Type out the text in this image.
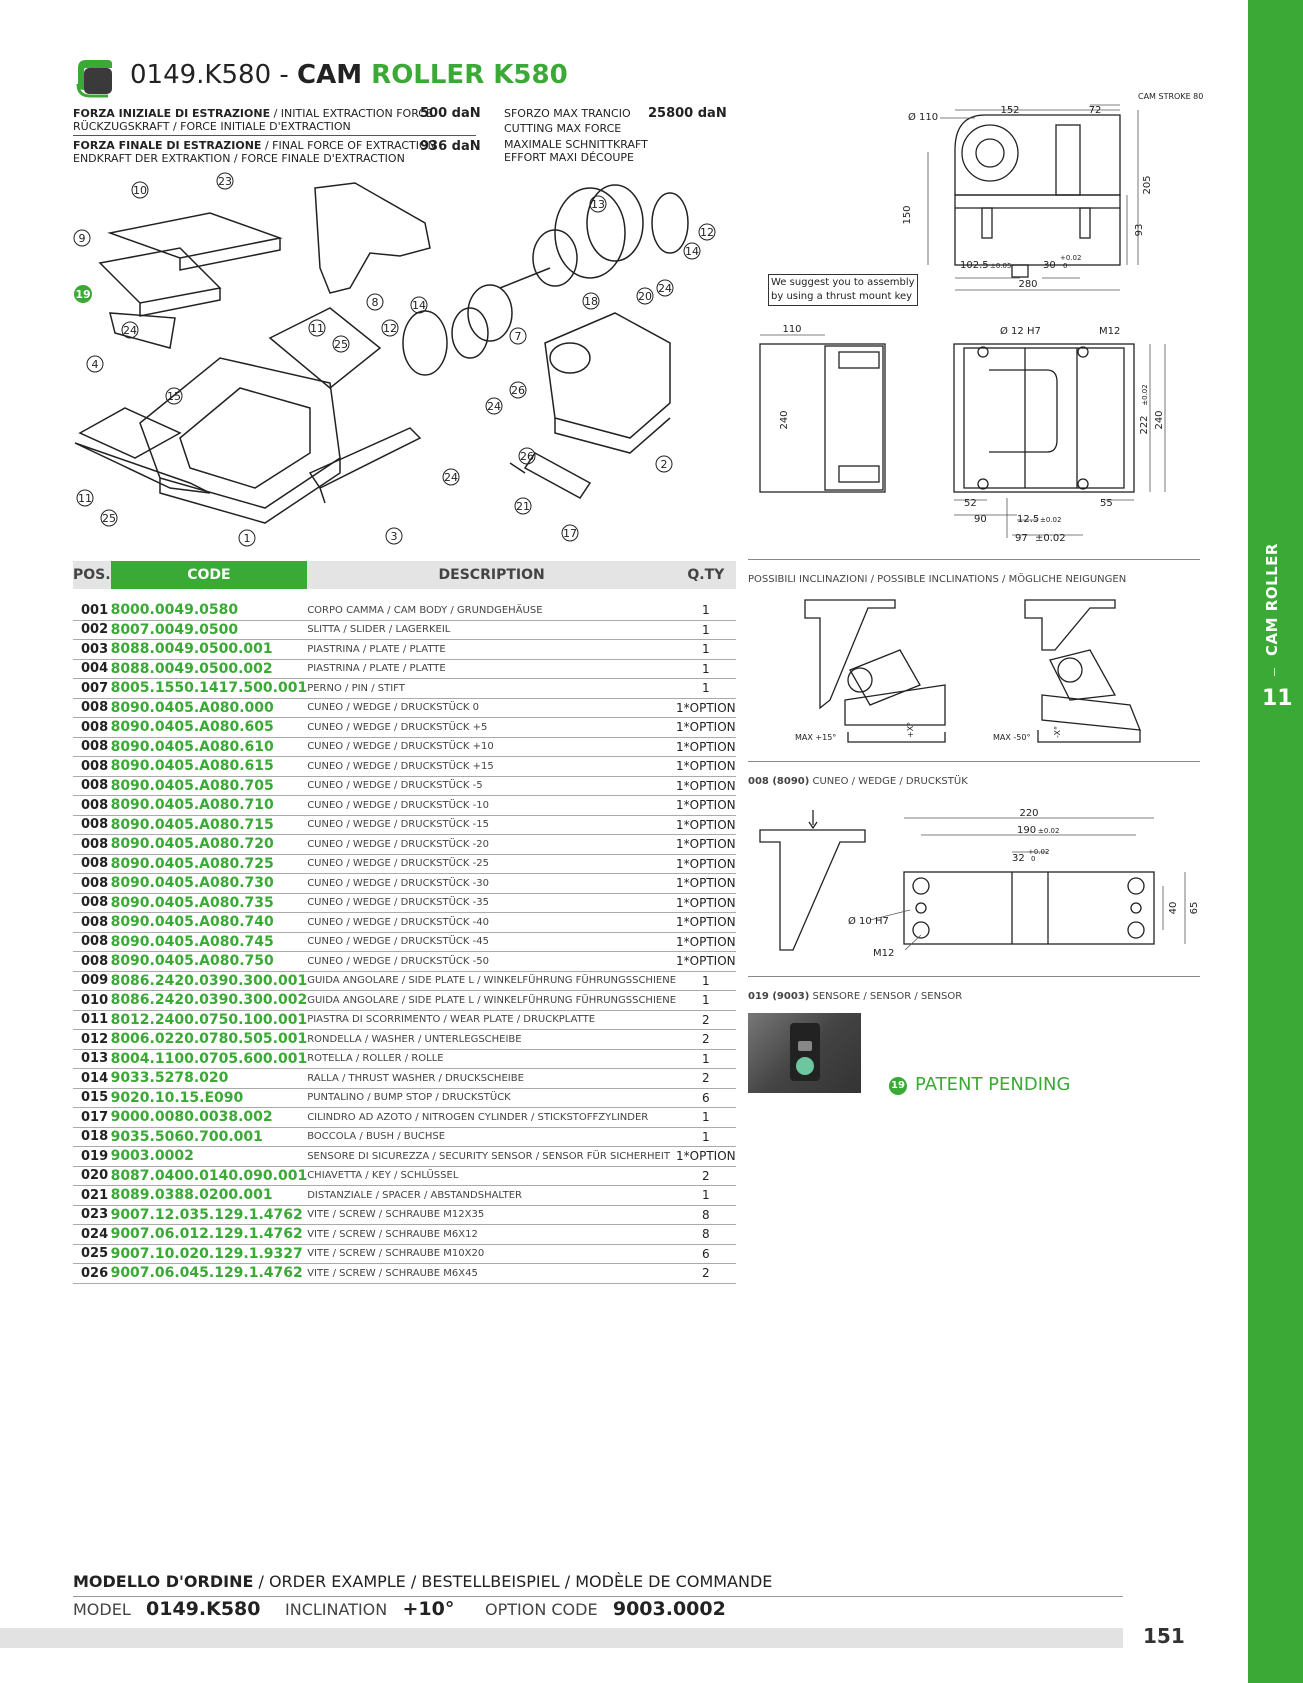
11
0149.K580 - CAM ROLLER K580
FORZA INIZIALE DI ESTRAZIONE / INITIAL EXTRACTION FORCE
RÜCKZUGSKRAFT / FORCE INITIALE D'EXTRACTION
500 daN
FORZA FINALE DI ESTRAZIONE / FINAL FORCE OF EXTRACTION
ENDKRAFT DER EXTRAKTION / FORCE FINALE D'EXTRACTION
936 daN
SFORZO MAX TRANCIO
CUTTING MAX FORCE
MAXIMALE SCHNITTKRAFT
EFFORT MAXI DÉCOUPE
25800 daN
10
23
9
19
8
13
12
14
18
7
14
12
20
24
24	11
25
4
15	26
24
2
11
25
1	3
24
26
21
17
POS.	CODE	DESCRIPTION	Q.TY

001	8000.0049.0580	CORPO CAMMA / CAM BODY / GRUNDGEHÄUSE	1
002	8007.0049.0500	SLITTA / SLIDER / LAGERKEIL	1
003	8088.0049.0500.001	PIASTRINA / PLATE / PLATTE	1
004	8088.0049.0500.002	PIASTRINA / PLATE / PLATTE	1
007	8005.1550.1417.500.001	PERNO / PIN / STIFT	1
008	8090.0405.A080.000	CUNEO / WEDGE / DRUCKSTÜCK 0	1*OPTION
008	8090.0405.A080.605	CUNEO / WEDGE / DRUCKSTÜCK +5	1*OPTION
008	8090.0405.A080.610	CUNEO / WEDGE / DRUCKSTÜCK +10	1*OPTION
008	8090.0405.A080.615	CUNEO / WEDGE / DRUCKSTÜCK +15	1*OPTION
008	8090.0405.A080.705	CUNEO / WEDGE / DRUCKSTÜCK -5	1*OPTION
008	8090.0405.A080.710	CUNEO / WEDGE / DRUCKSTÜCK -10	1*OPTION
008	8090.0405.A080.715	CUNEO / WEDGE / DRUCKSTÜCK -15	1*OPTION
008	8090.0405.A080.720	CUNEO / WEDGE / DRUCKSTÜCK -20	1*OPTION
008	8090.0405.A080.725	CUNEO / WEDGE / DRUCKSTÜCK -25	1*OPTION
008	8090.0405.A080.730	CUNEO / WEDGE / DRUCKSTÜCK -30	1*OPTION
008	8090.0405.A080.735	CUNEO / WEDGE / DRUCKSTÜCK -35	1*OPTION
008	8090.0405.A080.740	CUNEO / WEDGE / DRUCKSTÜCK -40	1*OPTION
008	8090.0405.A080.745	CUNEO / WEDGE / DRUCKSTÜCK -45	1*OPTION
008	8090.0405.A080.750	CUNEO / WEDGE / DRUCKSTÜCK -50	1*OPTION
009	8086.2420.0390.300.001	GUIDA ANGOLARE / SIDE PLATE L / WINKELFÜHRUNG FÜHRUNGSSCHIENE	1
010	8086.2420.0390.300.002	GUIDA ANGOLARE / SIDE PLATE L / WINKELFÜHRUNG FÜHRUNGSSCHIENE	1
011	8012.2400.0750.100.001	PIASTRA DI SCORRIMENTO / WEAR PLATE / DRUCKPLATTE	2
012	8006.0220.0780.505.001	RONDELLA / WASHER / UNTERLEGSCHEIBE	2
013	8004.1100.0705.600.001	ROTELLA / ROLLER / ROLLE	1
014	9033.5278.020	RALLA / THRUST WASHER / DRUCKSCHEIBE	2
015	9020.10.15.E090	PUNTALINO / BUMP STOP / DRUCKSTÜCK	6
017	9000.0080.0038.002	CILINDRO AD AZOTO / NITROGEN CYLINDER / STICKSTOFFZYLINDER	1
018	9035.5060.700.001	BOCCOLA / BUSH / BUCHSE	1
019	9003.0002	SENSORE DI SICUREZZA / SECURITY SENSOR / SENSOR FÜR SICHERHEIT	1*OPTION
020	8087.0400.0140.090.001	CHIAVETTA / KEY / SCHLÜSSEL	2
021	8089.0388.0200.001	DISTANZIALE / SPACER / ABSTANDSHALTER	1
023	9007.12.035.129.1.4762	VITE / SCREW / SCHRAUBE M12X35	8
024	9007.06.012.129.1.4762	VITE / SCREW / SCHRAUBE M6X12	8
025	9007.10.020.129.1.9327	VITE / SCREW / SCHRAUBE M10X20	6
026	9007.06.045.129.1.4762	VITE / SCREW / SCHRAUBE M6X45	2
152	72
CAM STROKE 80
Ø 110
150
205
93
102.5 ±0.05	30
+0.02
0
280
We suggest you to assembly
by using a thrust mount key
110
240
Ø 12 H7	M12
222
±0.02
240
52	55
90	12.5 ±0.02
97 ±0.02
POSSIBILI INCLINAZIONI / POSSIBLE INCLINATIONS / MÖGLICHE NEIGUNGEN
MAX +15°	MAX -50°
+X°	-X°
008 (8090) CUNEO / WEDGE / DRUCKSTÜK
220
190 ±0.02
32
+0.02
0
Ø 10 H7
M12
40 65
019 (9003) SENSORE / SENSOR / SENSOR
19 PATENT PENDING
MODELLO D'ORDINE / ORDER EXAMPLE / BESTELLBEISPIEL / MODÈLE DE COMMANDE
MODEL 0149.K580 INCLINATION +10° OPTION CODE 9003.0002
151
